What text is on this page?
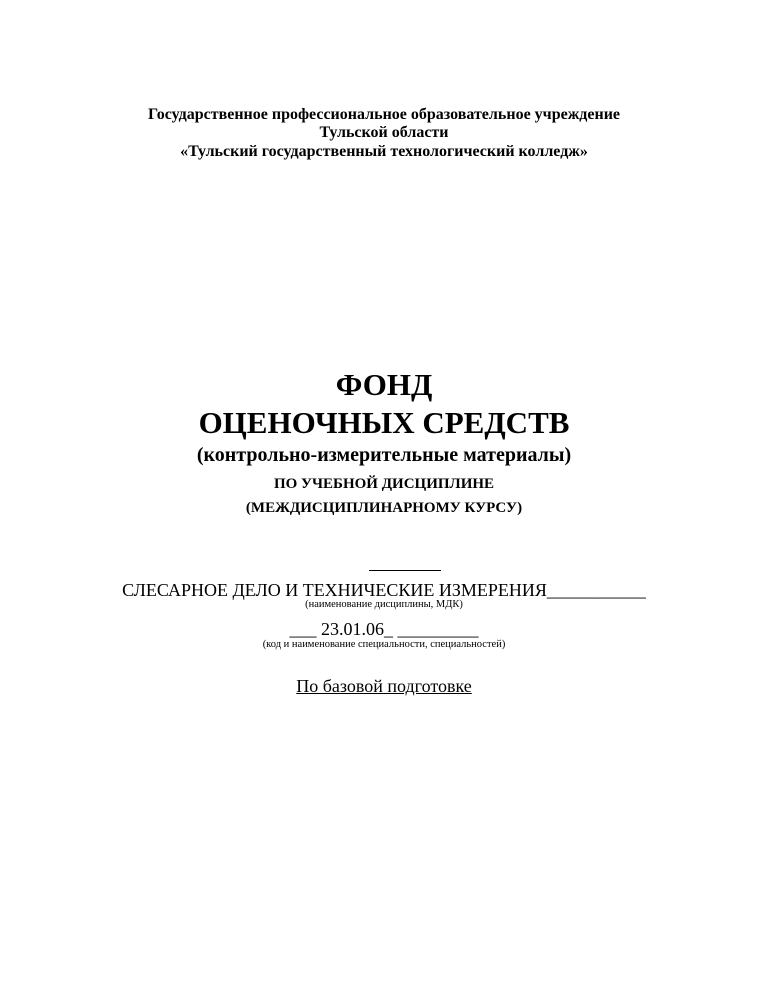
Государственное профессиональное образовательное учреждение
Тульской области
«Тульский государственный технологический колледж»
ФОНД
ОЦЕНОЧНЫХ СРЕДСТВ
(контрольно-измерительные материалы)
ПО УЧЕБНОЙ ДИСЦИПЛИНЕ
(МЕЖДИСЦИПЛИНАРНОМУ КУРСУ)
СЛЕСАРНОЕ ДЕЛО И ТЕХНИЧЕСКИЕ ИЗМЕРЕНИЯ___________
(наименование дисциплины, МДК)
___ 23.01.06_ _________
(код и наименование специальности, специальностей)
По базовой подготовке
